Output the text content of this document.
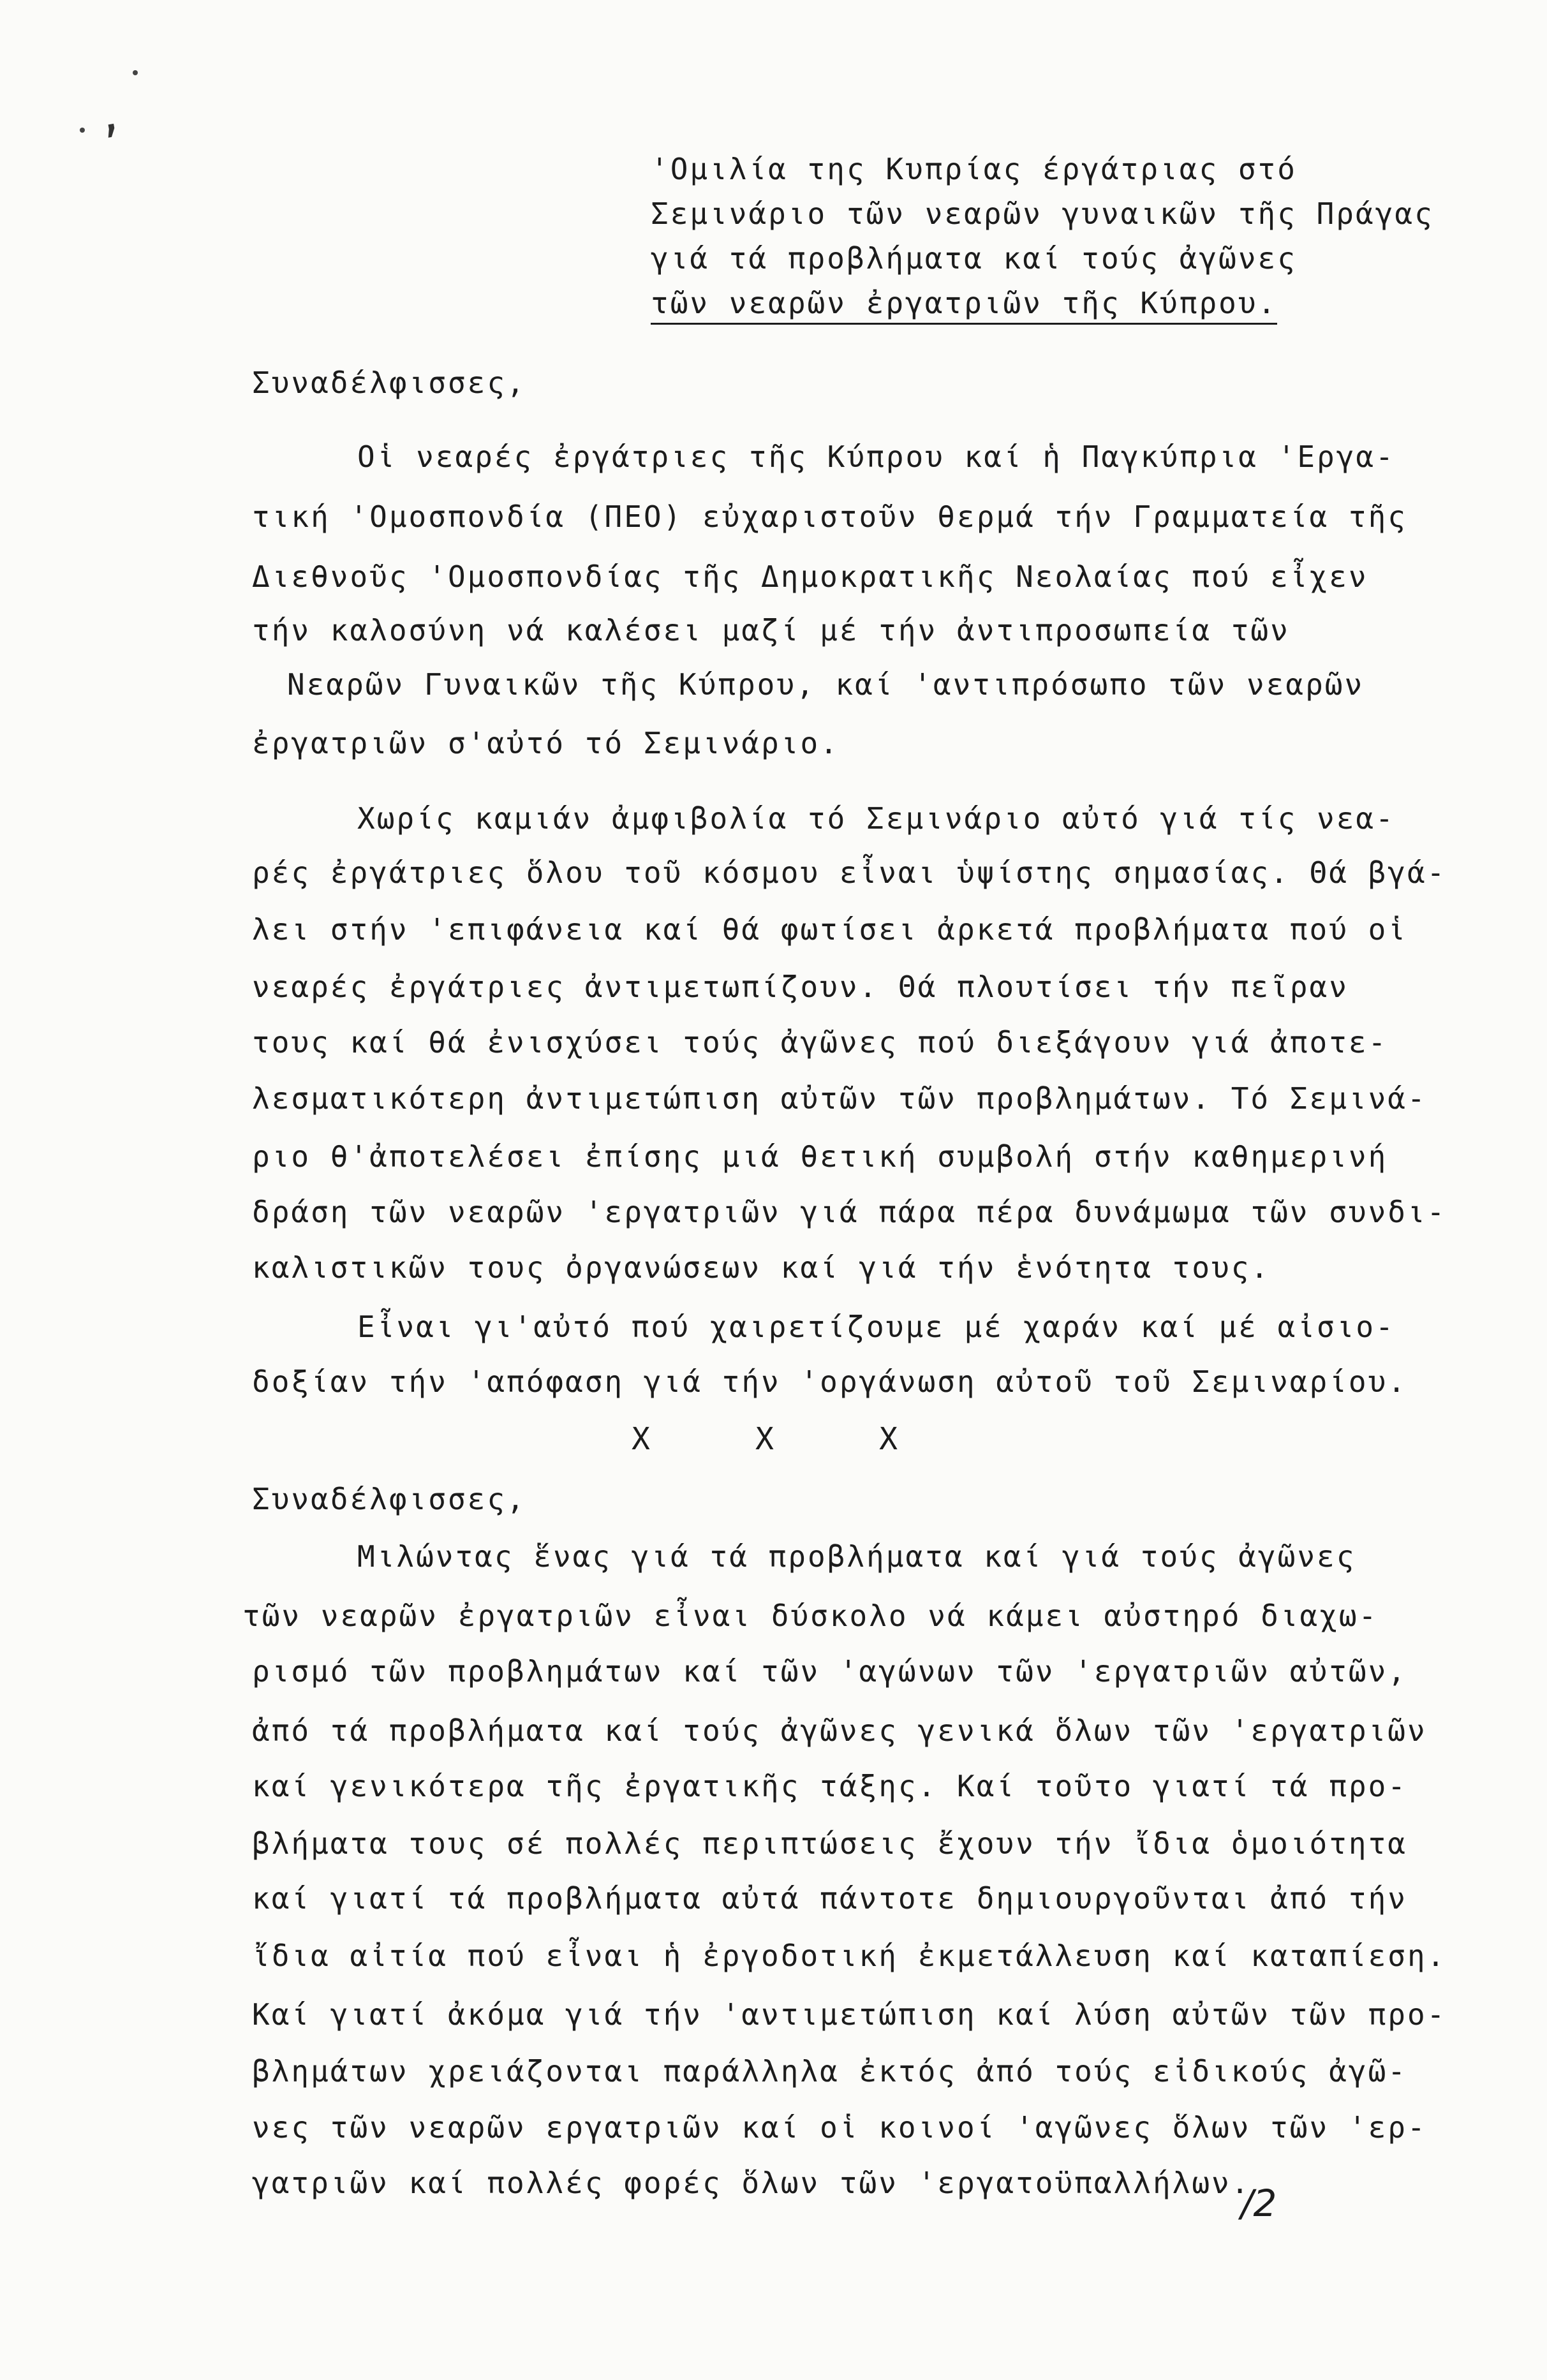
,
'Ομιλία της Κυπρίας έργάτριας στό
Σεμινάριο τῶν νεαρῶν γυναικῶν τῆς Πράγας
γιά τά προβλήματα καί τούς ἀγῶνες
τῶν νεαρῶν ἐργατριῶν τῆς Κύπρου.
Συναδέλφισσες,
Οἱ νεαρές ἐργάτριες τῆς Κύπρου καί ἡ Παγκύπρια 'Εργα-
τική 'Ομοσπονδία (ΠΕΟ) εὐχαριστοῦν θερμά τήν Γραμματεία τῆς
Διεθνοῦς 'Ομοσπονδίας τῆς Δημοκρατικῆς Νεολαίας πού εἶχεν
τήν καλοσύνη νά καλέσει μαζί μέ τήν ἀντιπροσωπεία τῶν
Νεαρῶν Γυναικῶν τῆς Κύπρου, καί 'αντιπρόσωπο τῶν νεαρῶν
ἐργατριῶν σ'αὐτό τό Σεμινάριο.
Χωρίς καμιάν ἀμφιβολία τό Σεμινάριο αὐτό γιά τίς νεα-
ρές ἐργάτριες ὅλου τοῦ κόσμου εἶναι ὑψίστης σημασίας. Θά βγά-
λει στήν 'επιφάνεια καί θά φωτίσει ἀρκετά προβλήματα πού οἱ
νεαρές ἐργάτριες ἀντιμετωπίζουν. Θά πλουτίσει τήν πεῖραν
τους καί θά ἐνισχύσει τούς ἀγῶνες πού διεξάγουν γιά ἀποτε-
λεσματικότερη ἀντιμετώπιση αὐτῶν τῶν προβλημάτων. Τό Σεμινά-
ριο θ'ἀποτελέσει ἐπίσης μιά θετική συμβολή στήν καθημερινή
δράση τῶν νεαρῶν 'εργατριῶν γιά πάρα πέρα δυνάμωμα τῶν συνδι-
καλιστικῶν τους ὀργανώσεων καί γιά τήν ἑνότητα τους.
Εἶναι γι'αὐτό πού χαιρετίζουμε μέ χαράν καί μέ αἰσιο-
δοξίαν τήν 'απόφαση γιά τήν 'οργάνωση αὐτοῦ τοῦ Σεμιναρίου.
X	X	X
Συναδέλφισσες,
Μιλώντας ἕνας γιά τά προβλήματα καί γιά τούς ἀγῶνες
τῶν νεαρῶν ἐργατριῶν εἶναι δύσκολο νά κάμει αὐστηρό διαχω-
ρισμό τῶν προβλημάτων καί τῶν 'αγώνων τῶν 'εργατριῶν αὐτῶν,
ἀπό τά προβλήματα καί τούς ἀγῶνες γενικά ὅλων τῶν 'εργατριῶν
καί γενικότερα τῆς ἐργατικῆς τάξης. Καί τοῦτο γιατί τά προ-
βλήματα τους σέ πολλές περιπτώσεις ἔχουν τήν ἴδια ὁμοιότητα
καί γιατί τά προβλήματα αὐτά πάντοτε δημιουργοῦνται ἀπό τήν
ἴδια αἰτία πού εἶναι ἡ ἐργοδοτική ἐκμετάλλευση καί καταπίεση.
Καί γιατί ἀκόμα γιά τήν 'αντιμετώπιση καί λύση αὐτῶν τῶν προ-
βλημάτων χρειάζονται παράλληλα ἐκτός ἀπό τούς εἰδικούς ἀγῶ-
νες τῶν νεαρῶν εργατριῶν καί οἱ κοινοί 'αγῶνες ὅλων τῶν 'ερ-
γατριῶν καί πολλές φορές ὅλων τῶν 'εργατοϋπαλλήλων.
/2
